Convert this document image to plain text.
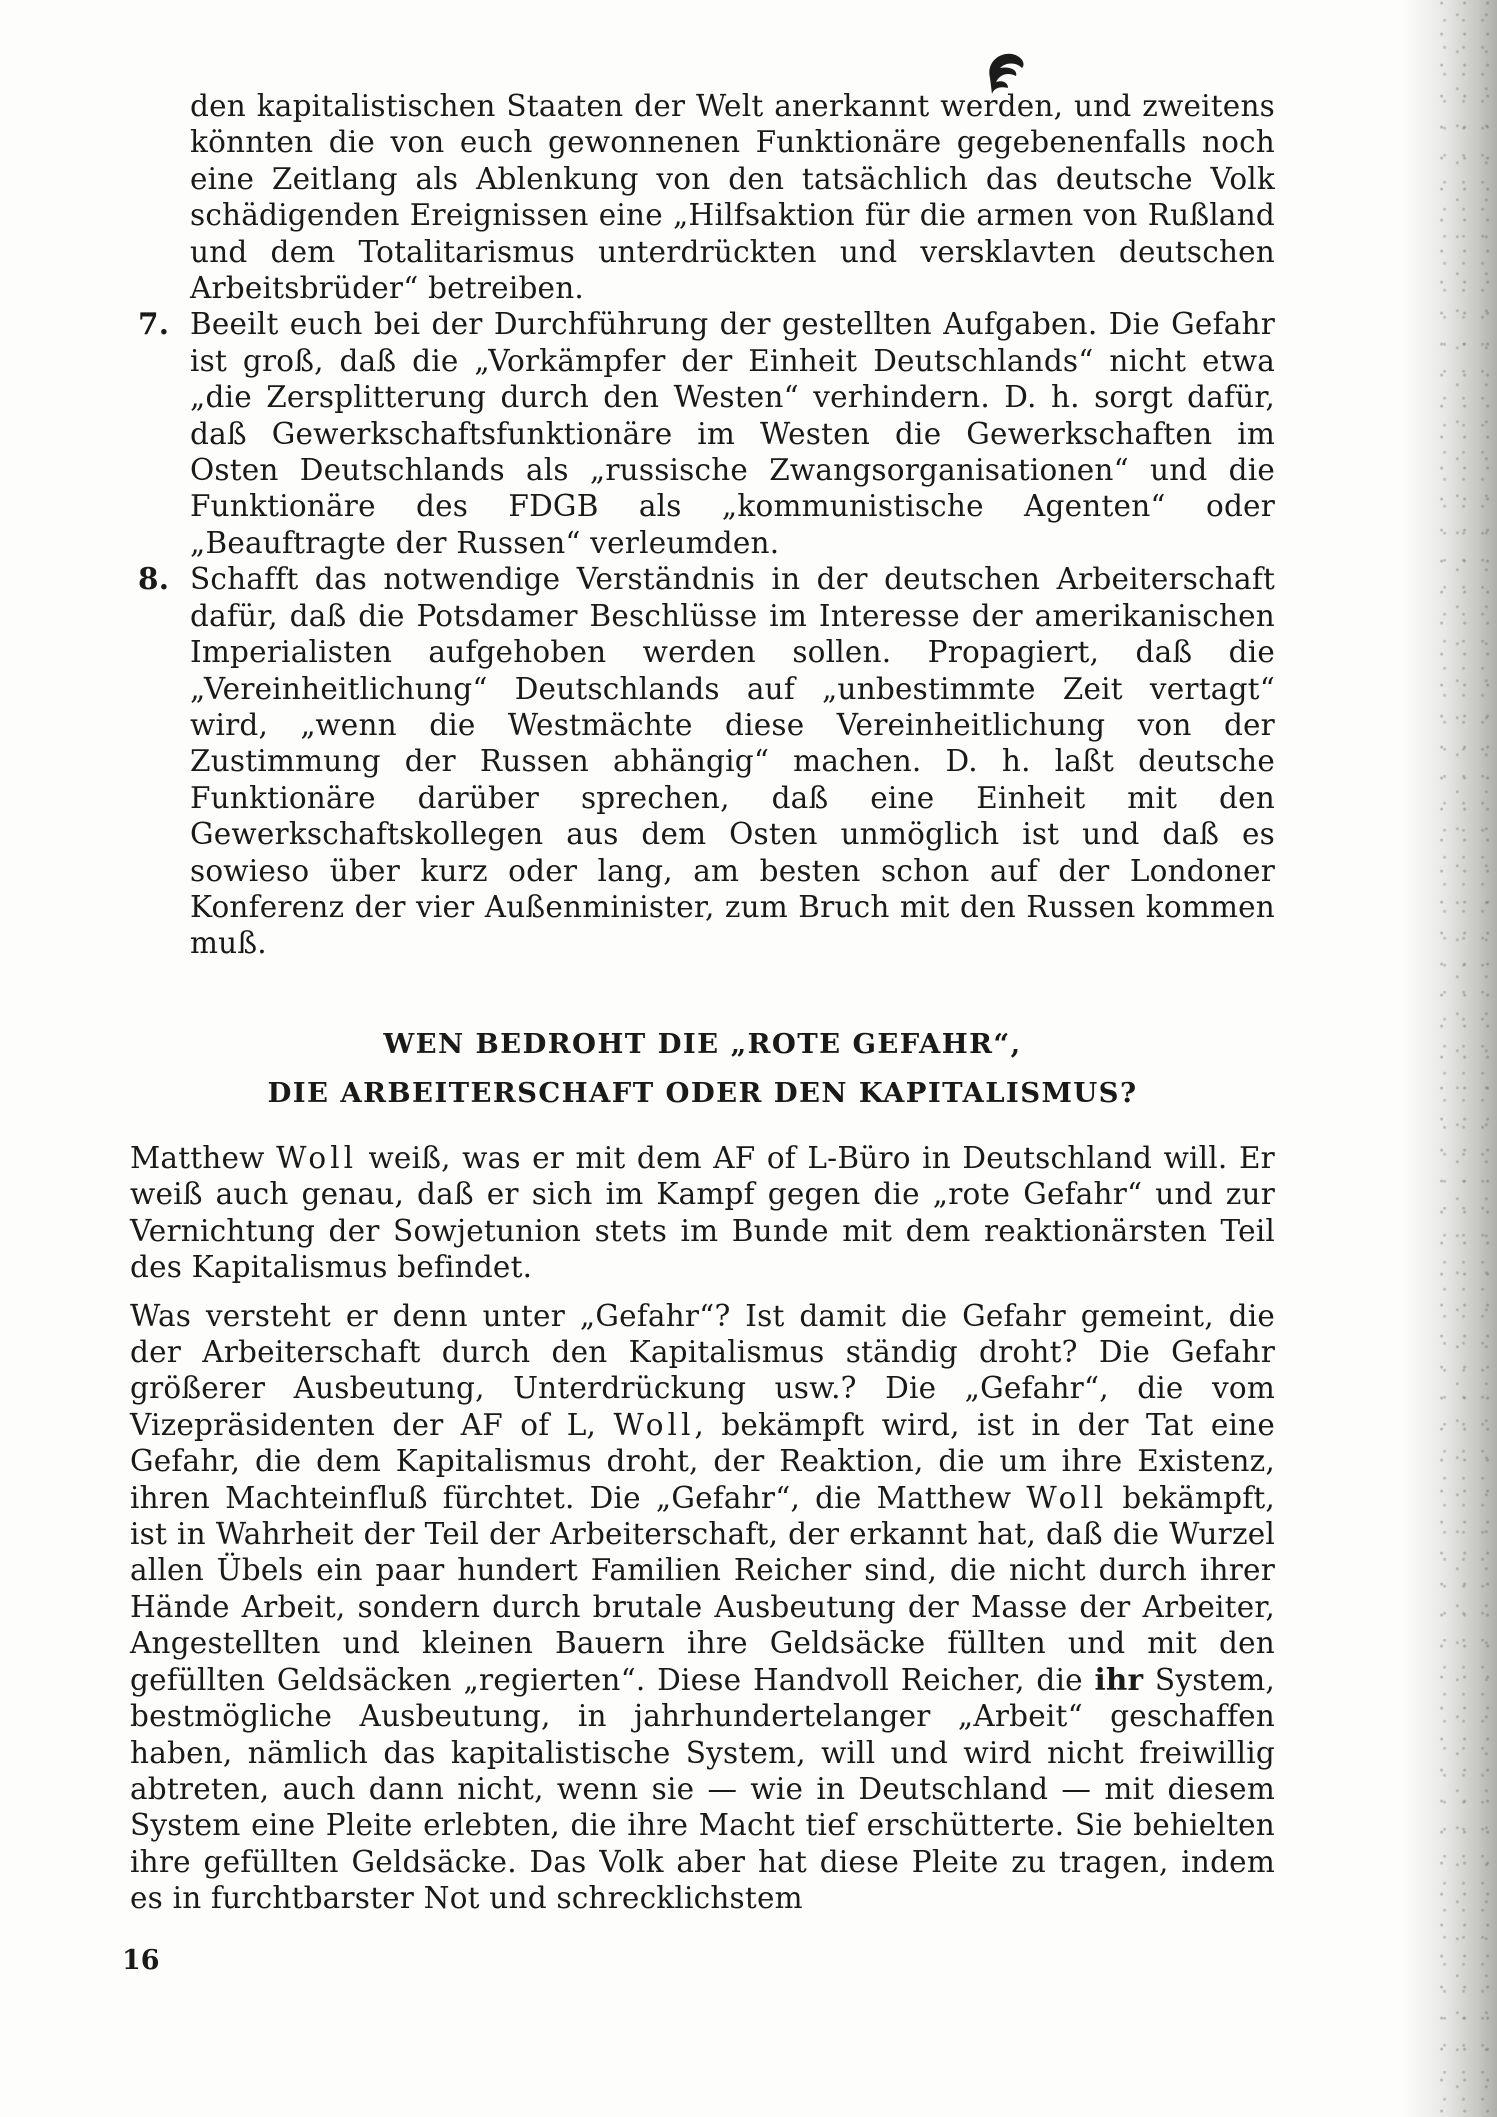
den kapitalistischen Staaten der Welt anerkannt werden, und zweitens könnten die von euch gewonnenen Funktionäre gegebenenfalls noch eine Zeitlang als Ablenkung von den tatsächlich das deutsche Volk schädigenden Ereignissen eine „Hilfsaktion für die armen von Rußland und dem Totalitarismus unterdrückten und versklavten deutschen Arbeitsbrüder“ betreiben.

7. Beeilt euch bei der Durchführung der gestellten Aufgaben. Die Gefahr ist groß, daß die „Vorkämpfer der Einheit Deutschlands“ nicht etwa „die Zersplitterung durch den Westen“ verhindern. D. h. sorgt dafür, daß Gewerkschaftsfunktionäre im Westen die Gewerkschaften im Osten Deutschlands als „russische Zwangsorganisationen“ und die Funktionäre des FDGB als „kommunistische Agenten“ oder „Beauftragte der Russen“ verleumden.

8. Schafft das notwendige Verständnis in der deutschen Arbeiterschaft dafür, daß die Potsdamer Beschlüsse im Interesse der amerikanischen Imperialisten aufgehoben werden sollen. Propagiert, daß die „Vereinheitlichung“ Deutschlands auf „unbestimmte Zeit vertagt“ wird, „wenn die Westmächte diese Vereinheitlichung von der Zustimmung der Russen abhängig“ machen. D. h. laßt deutsche Funktionäre darüber sprechen, daß eine Einheit mit den Gewerkschaftskollegen aus dem Osten unmöglich ist und daß es sowieso über kurz oder lang, am besten schon auf der Londoner Konferenz der vier Außenminister, zum Bruch mit den Russen kommen muß.

WEN BEDROHT DIE „ROTE GEFAHR“,
DIE ARBEITERSCHAFT ODER DEN KAPITALISMUS?

Matthew Woll weiß, was er mit dem AF of L-Büro in Deutschland will. Er weiß auch genau, daß er sich im Kampf gegen die „rote Gefahr“ und zur Vernichtung der Sowjetunion stets im Bunde mit dem reaktionärsten Teil des Kapitalismus befindet.

Was versteht er denn unter „Gefahr“? Ist damit die Gefahr gemeint, die der Arbeiterschaft durch den Kapitalismus ständig droht? Die Gefahr größerer Ausbeutung, Unterdrückung usw.? Die „Gefahr“, die vom Vizepräsidenten der AF of L, Woll, bekämpft wird, ist in der Tat eine Gefahr, die dem Kapitalismus droht, der Reaktion, die um ihre Existenz, ihren Machteinfluß fürchtet. Die „Gefahr“, die Matthew Woll bekämpft, ist in Wahrheit der Teil der Arbeiterschaft, der erkannt hat, daß die Wurzel allen Übels ein paar hundert Familien Reicher sind, die nicht durch ihrer Hände Arbeit, sondern durch brutale Ausbeutung der Masse der Arbeiter, Angestellten und kleinen Bauern ihre Geldsäcke füllten und mit den gefüllten Geldsäcken „regierten“. Diese Handvoll Reicher, die ihr System, bestmögliche Ausbeutung, in jahrhundertelanger „Arbeit“ geschaffen haben, nämlich das kapitalistische System, will und wird nicht freiwillig abtreten, auch dann nicht, wenn sie — wie in Deutschland — mit diesem System eine Pleite erlebten, die ihre Macht tief erschütterte. Sie behielten ihre gefüllten Geldsäcke. Das Volk aber hat diese Pleite zu tragen, indem es in furchtbarster Not und schrecklichstem

16
